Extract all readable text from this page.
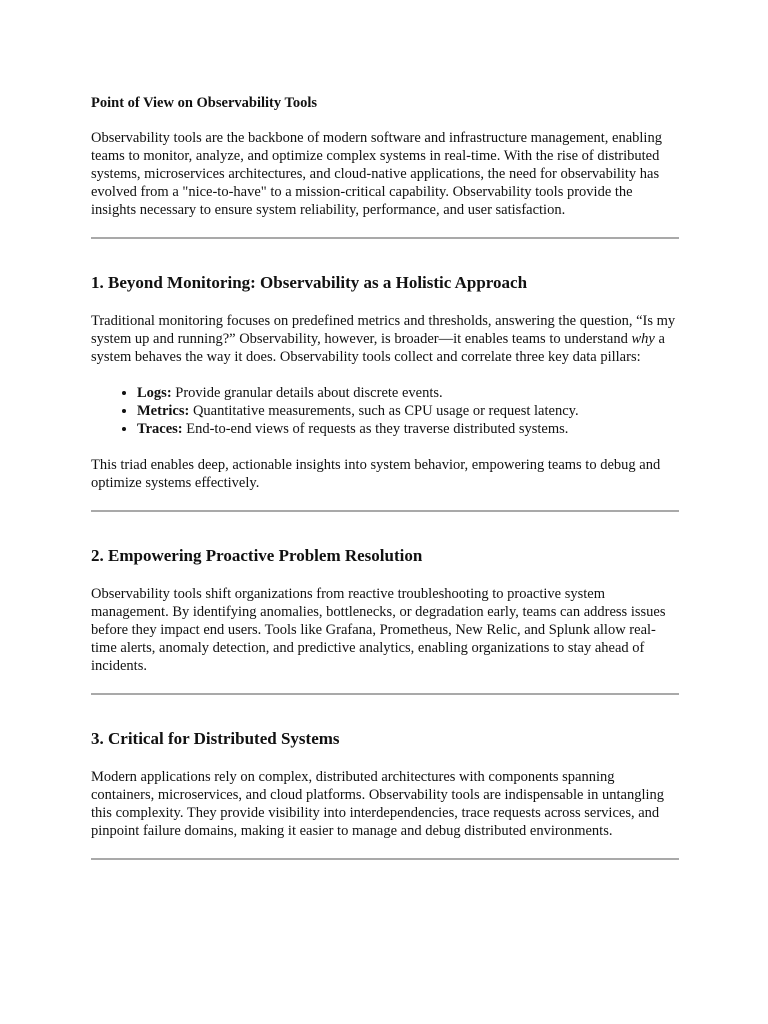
Point of View on Observability Tools

Observability tools are the backbone of modern software and infrastructure management, enabling teams to monitor, analyze, and optimize complex systems in real-time. With the rise of distributed systems, microservices architectures, and cloud-native applications, the need for observability has evolved from a "nice-to-have" to a mission-critical capability. Observability tools provide the insights necessary to ensure system reliability, performance, and user satisfaction.

1. Beyond Monitoring: Observability as a Holistic Approach

Traditional monitoring focuses on predefined metrics and thresholds, answering the question, “Is my system up and running?” Observability, however, is broader—it enables teams to understand why a system behaves the way it does. Observability tools collect and correlate three key data pillars:

• Logs: Provide granular details about discrete events.
• Metrics: Quantitative measurements, such as CPU usage or request latency.
• Traces: End-to-end views of requests as they traverse distributed systems.

This triad enables deep, actionable insights into system behavior, empowering teams to debug and optimize systems effectively.

2. Empowering Proactive Problem Resolution

Observability tools shift organizations from reactive troubleshooting to proactive system management. By identifying anomalies, bottlenecks, or degradation early, teams can address issues before they impact end users. Tools like Grafana, Prometheus, New Relic, and Splunk allow real-time alerts, anomaly detection, and predictive analytics, enabling organizations to stay ahead of incidents.

3. Critical for Distributed Systems

Modern applications rely on complex, distributed architectures with components spanning containers, microservices, and cloud platforms. Observability tools are indispensable in untangling this complexity. They provide visibility into interdependencies, trace requests across services, and pinpoint failure domains, making it easier to manage and debug distributed environments.
